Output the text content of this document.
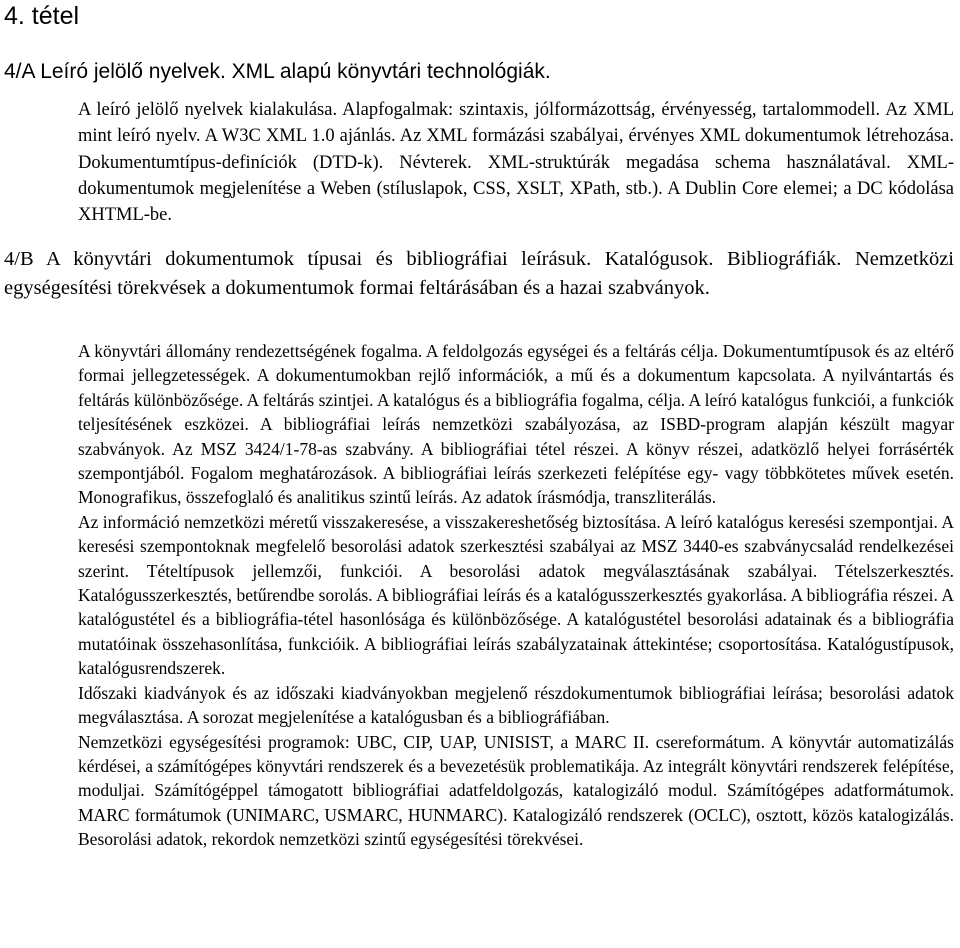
4. tétel
4/A Leíró jelölő nyelvek. XML alapú könyvtári technológiák.

A leíró jelölő nyelvek kialakulása. Alapfogalmak: szintaxis, jólformázottság, érvényesség, tartalommodell. Az XML mint leíró nyelv. A W3C XML 1.0 ajánlás. Az XML formázási szabályai, érvényes XML dokumentumok létrehozása. Dokumentumtípus-definíciók (DTD-k). Névterek. XML-struktúrák megadása schema használatával. XML-dokumentumok megjelenítése a Weben (stíluslapok, CSS, XSLT, XPath, stb.). A Dublin Core elemei; a DC kódolása XHTML-be.

4/B A könyvtári dokumentumok típusai és bibliográfiai leírásuk. Katalógusok. Bibliográfiák. Nemzetközi egységesítési törekvések a dokumentumok formai feltárásában és a hazai szabványok.

A könyvtári állomány rendezettségének fogalma. A feldolgozás egységei és a feltárás célja. Dokumentumtípusok és az eltérő formai jellegzetességek. A dokumentumokban rejlő információk, a mű és a dokumentum kapcsolata. A nyilvántartás és feltárás különbözősége. A feltárás szintjei. A katalógus és a bibliográfia fogalma, célja. A leíró katalógus funkciói, a funkciók teljesítésének eszközei. A bibliográfiai leírás nemzetközi szabályozása, az ISBD-program alapján készült magyar szabványok. Az MSZ 3424/1-78-as szabvány. A bibliográfiai tétel részei. A könyv részei, adatközlő helyei forrásérték szempontjából. Fogalom meghatározások. A bibliográfiai leírás szerkezeti felépítése egy- vagy többkötetes művek esetén. Monografikus, összefoglaló és analitikus szintű leírás. Az adatok írásmódja, transzliterálás.

Az információ nemzetközi méretű visszakeresése, a visszakereshetőség biztosítása. A leíró katalógus keresési szempontjai. A keresési szempontoknak megfelelő besorolási adatok szerkesztési szabályai az MSZ 3440-es szabványcsalád rendelkezései szerint. Tételtípusok jellemzői, funkciói. A besorolási adatok megválasztásának szabályai. Tételszerkesztés. Katalógusszerkesztés, betűrendbe sorolás. A bibliográfiai leírás és a katalógusszerkesztés gyakorlása. A bibliográfia részei. A katalógustétel és a bibliográfia-tétel hasonlósága és különbözősége. A katalógustétel besorolási adatainak és a bibliográfia mutatóinak összehasonlítása, funkcióik. A bibliográfiai leírás szabályzatainak áttekintése; csoportosítása. Katalógustípusok, katalógusrendszerek.

Időszaki kiadványok és az időszaki kiadványokban megjelenő részdokumentumok bibliográfiai leírása; besorolási adatok megválasztása. A sorozat megjelenítése a katalógusban és a bibliográfiában.

Nemzetközi egységesítési programok: UBC, CIP, UAP, UNISIST, a MARC II. csereformátum. A könyvtár automatizálás kérdései, a számítógépes könyvtári rendszerek és a bevezetésük problematikája. Az integrált könyvtári rendszerek felépítése, moduljai. Számítógéppel támogatott bibliográfiai adatfeldolgozás, katalogizáló modul. Számítógépes adatformátumok. MARC formátumok (UNIMARC, USMARC, HUNMARC). Katalogizáló rendszerek (OCLC), osztott, közös katalogizálás. Besorolási adatok, rekordok nemzetközi szintű egységesítési törekvései.
